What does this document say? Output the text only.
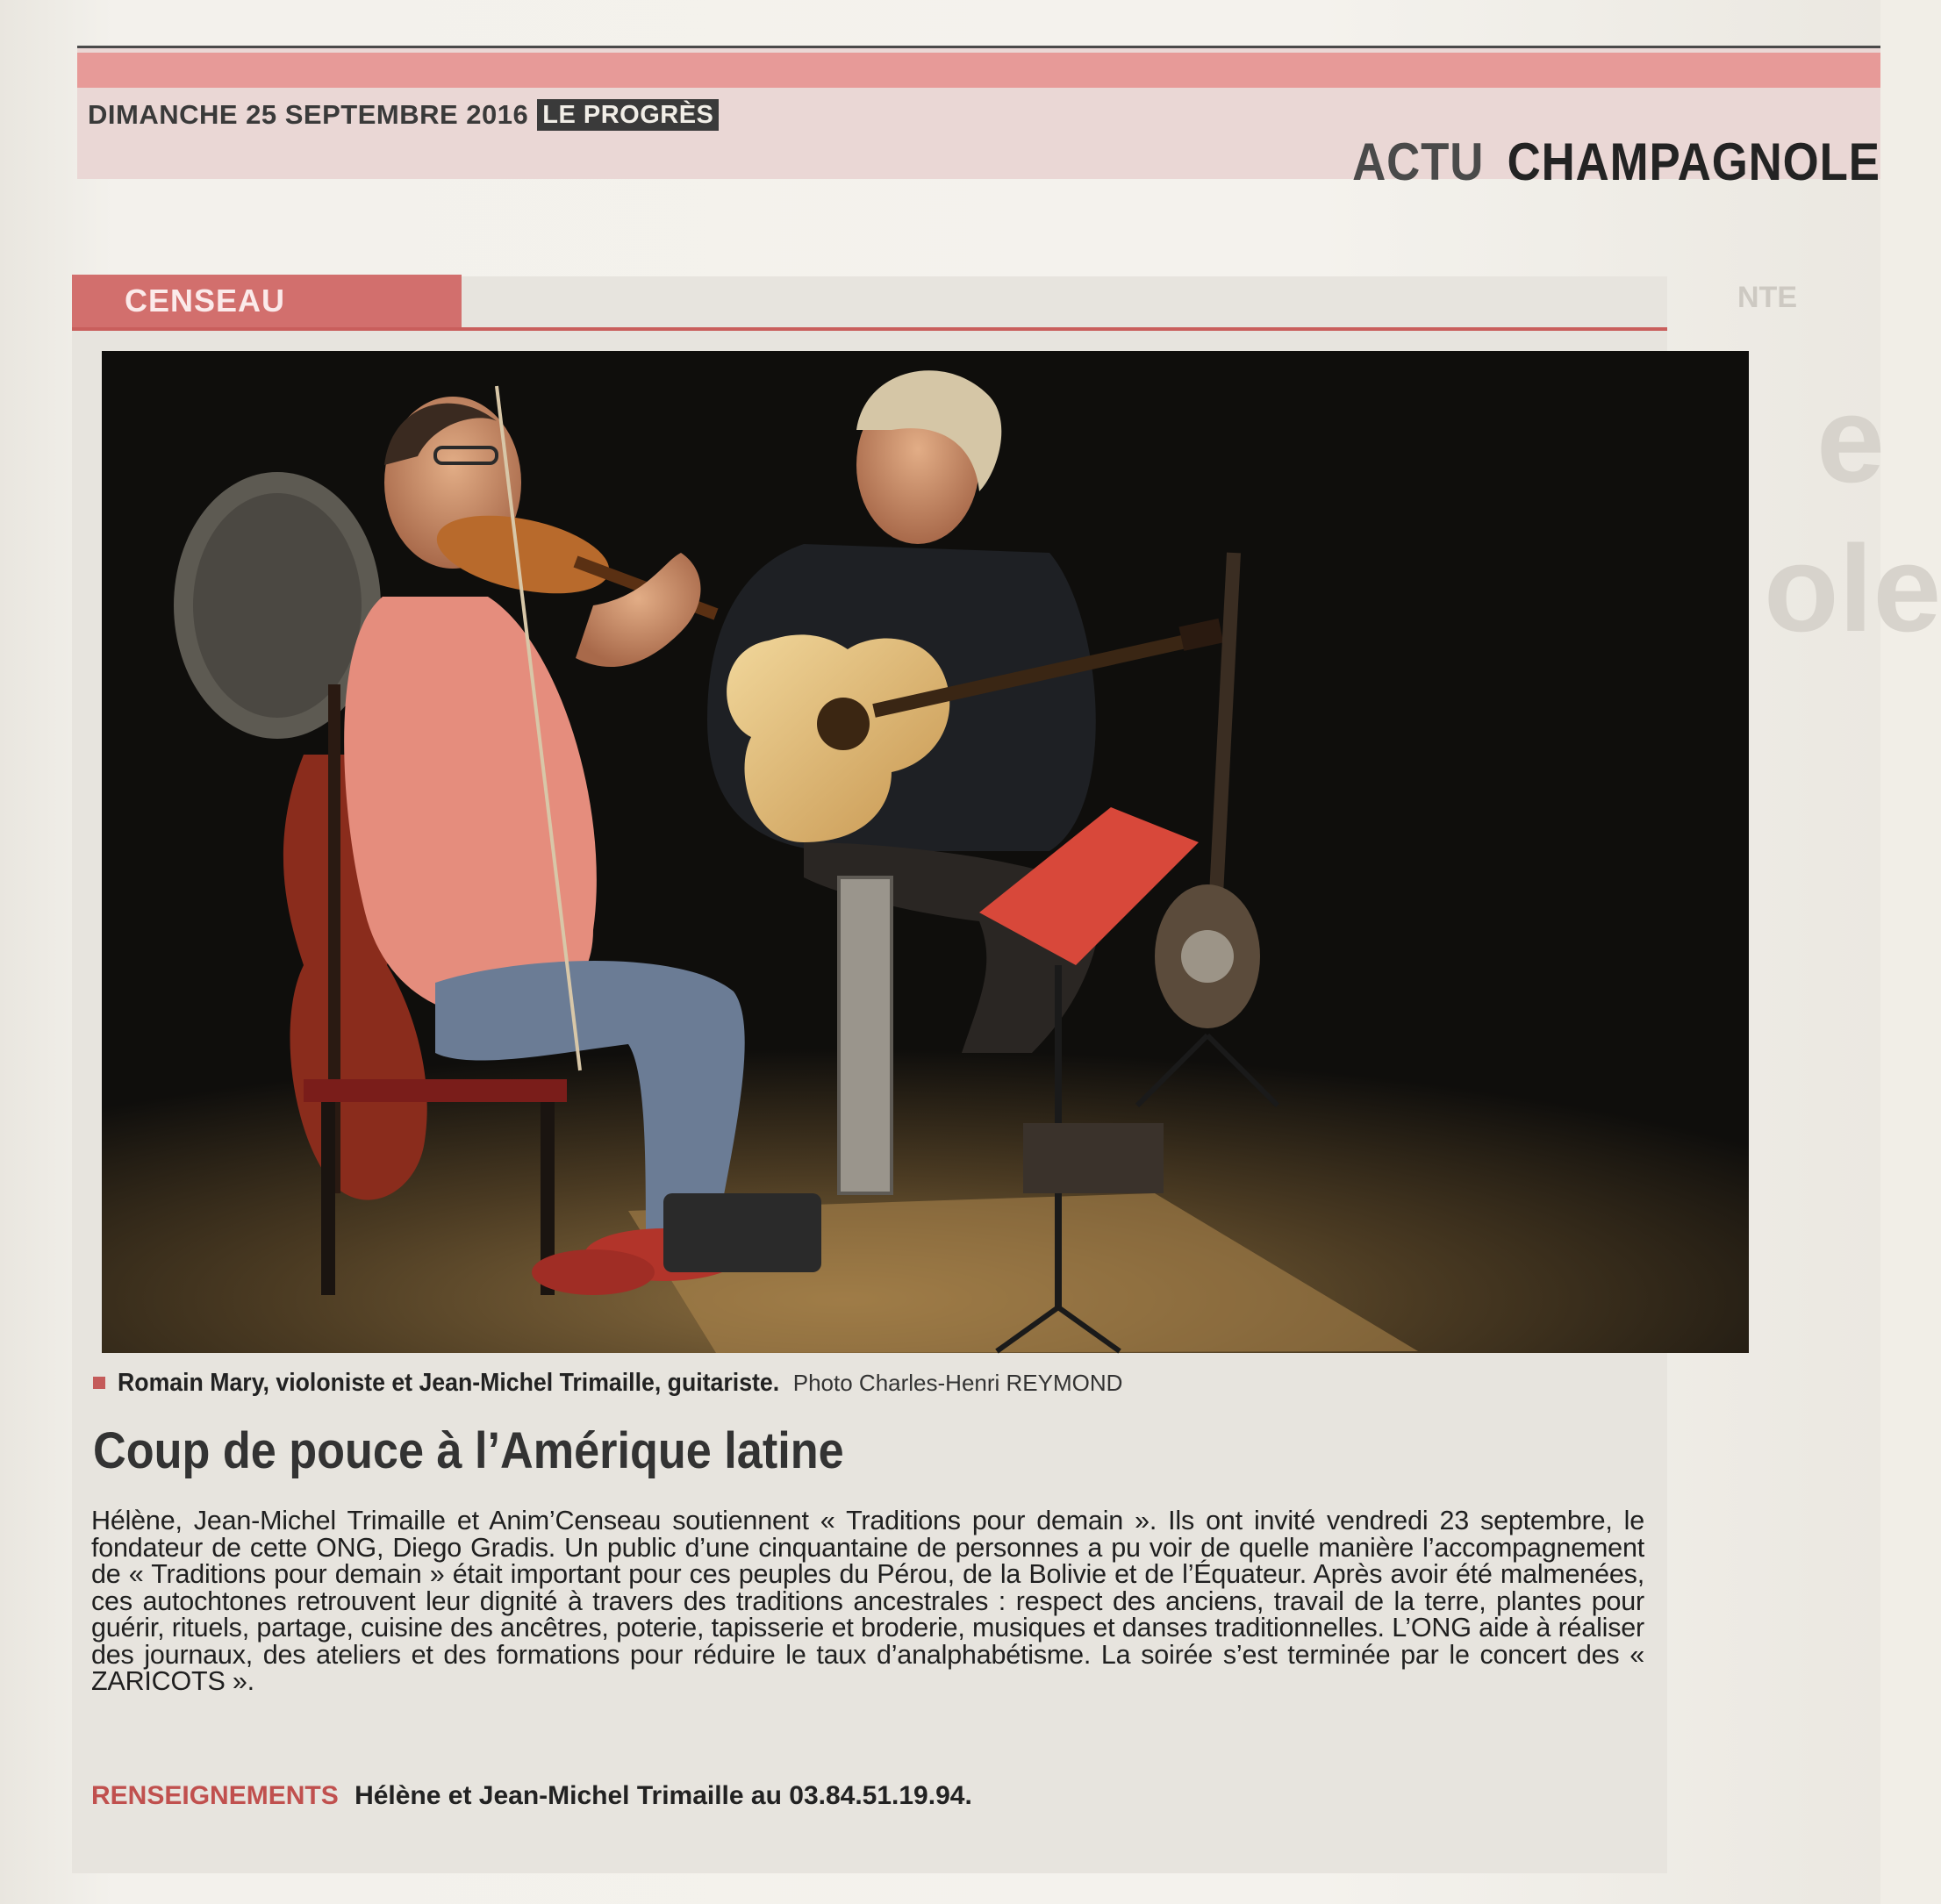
NTE
e
ole
DIMANCHE 25 SEPTEMBRE 2016 LE PROGRÈS
ACTU CHAMPAGNOLE
CENSEAU
Romain Mary, violoniste et Jean-Michel Trimaille, guitariste. Photo Charles-Henri REYMOND
Coup de pouce à l’Amérique latine
Hélène, Jean-Michel Trimaille et Anim’Censeau soutiennent « Traditions pour demain ». Ils ont invité vendredi 23 septembre, le fondateur de cette ONG, Diego Gradis. Un public d’une cinquantaine de personnes a pu voir de quelle manière l’accompagnement de « Traditions pour demain » était important pour ces peuples du Pérou, de la Bolivie et de l’Équateur. Après avoir été malmenées, ces autochtones retrouvent leur dignité à travers des traditions ancestrales : respect des anciens, travail de la terre, plantes pour guérir, rituels, partage, cuisine des ancêtres, poterie, tapisserie et broderie, musiques et danses traditionnelles. L’ONG aide à réaliser des journaux, des ateliers et des formations pour réduire le taux d’analphabétisme. La soirée s’est terminée par le concert des « ZARICOTS ».
RENSEIGNEMENTS Hélène et Jean-Michel Trimaille au 03.84.51.19.94.
